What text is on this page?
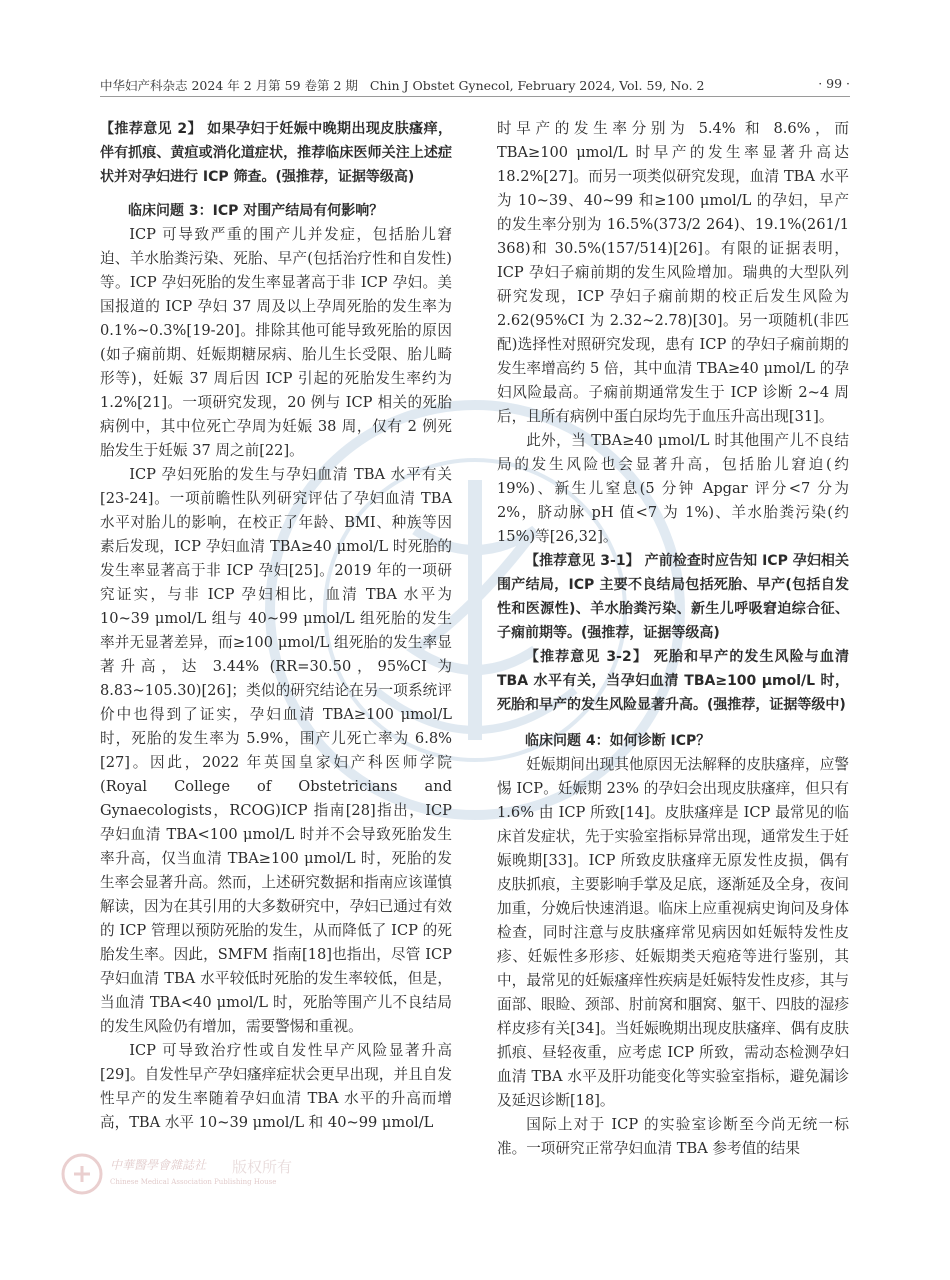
中华妇产科杂志 2024 年 2 月第 59 卷第 2 期 Chin J Obstet Gynecol, February 2024, Vol. 59, No. 2	· 99 ·

【推荐意见 2】 如果孕妇于妊娠中晚期出现皮肤瘙痒，伴有抓痕、黄疸或消化道症状，推荐临床医师关注上述症状并对孕妇进行 ICP 筛查。(强推荐，证据等级高)

临床问题 3：ICP 对围产结局有何影响？

ICP 可导致严重的围产儿并发症，包括胎儿窘迫、羊水胎粪污染、死胎、早产(包括治疗性和自发性)等。ICP 孕妇死胎的发生率显著高于非 ICP 孕妇。美国报道的 ICP 孕妇 37 周及以上孕周死胎的发生率为 0.1%~0.3%[19-20]。排除其他可能导致死胎的原因(如子痫前期、妊娠期糖尿病、胎儿生长受限、胎儿畸形等)，妊娠 37 周后因 ICP 引起的死胎发生率约为 1.2%[21]。一项研究发现，20 例与 ICP 相关的死胎病例中，其中位死亡孕周为妊娠 38 周，仅有 2 例死胎发生于妊娠 37 周之前[22]。

ICP 孕妇死胎的发生与孕妇血清 TBA 水平有关[23-24]。一项前瞻性队列研究评估了孕妇血清 TBA 水平对胎儿的影响，在校正了年龄、BMI、种族等因素后发现，ICP 孕妇血清 TBA≥40 μmol/L 时死胎的发生率显著高于非 ICP 孕妇[25]。2019 年的一项研究证实，与非 ICP 孕妇相比，血清 TBA 水平为 10~39 μmol/L 组与 40~99 μmol/L 组死胎的发生率并无显著差异，而≥100 μmol/L 组死胎的发生率显著升高，达 3.44% (RR=30.50，95%CI 为 8.83~105.30)[26]；类似的研究结论在另一项系统评价中也得到了证实，孕妇血清 TBA≥100 μmol/L 时，死胎的发生率为 5.9%，围产儿死亡率为 6.8%[27]。因此，2022 年英国皇家妇产科医师学院(Royal College of Obstetricians and Gynaecologists，RCOG)ICP 指南[28]指出，ICP 孕妇血清 TBA<100 μmol/L 时并不会导致死胎发生率升高，仅当血清 TBA≥100 μmol/L 时，死胎的发生率会显著升高。然而，上述研究数据和指南应该谨慎解读，因为在其引用的大多数研究中，孕妇已通过有效的 ICP 管理以预防死胎的发生，从而降低了 ICP 的死胎发生率。因此，SMFM 指南[18]也指出，尽管 ICP 孕妇血清 TBA 水平较低时死胎的发生率较低，但是，当血清 TBA<40 μmol/L 时，死胎等围产儿不良结局的发生风险仍有增加，需要警惕和重视。

ICP 可导致治疗性或自发性早产风险显著升高[29]。自发性早产孕妇瘙痒症状会更早出现，并且自发性早产的发生率随着孕妇血清 TBA 水平的升高而增高，TBA 水平 10~39 μmol/L 和 40~99 μmol/L

时早产的发生率分别为 5.4% 和 8.6%，而 TBA≥100 μmol/L 时早产的发生率显著升高达 18.2%[27]。而另一项类似研究发现，血清 TBA 水平为 10~39、40~99 和≥100 μmol/L 的孕妇，早产的发生率分别为 16.5%(373/2 264)、19.1%(261/1 368)和 30.5%(157/514)[26]。有限的证据表明，ICP 孕妇子痫前期的发生风险增加。瑞典的大型队列研究发现，ICP 孕妇子痫前期的校正后发生风险为 2.62(95%CI 为 2.32~2.78)[30]。另一项随机(非匹配)选择性对照研究发现，患有 ICP 的孕妇子痫前期的发生率增高约 5 倍，其中血清 TBA≥40 μmol/L 的孕妇风险最高。子痫前期通常发生于 ICP 诊断 2~4 周后，且所有病例中蛋白尿均先于血压升高出现[31]。

此外，当 TBA≥40 μmol/L 时其他围产儿不良结局的发生风险也会显著升高，包括胎儿窘迫(约 19%)、新生儿窒息(5 分钟 Apgar 评分<7 分为 2%，脐动脉 pH 值<7 为 1%)、羊水胎粪污染(约 15%)等[26,32]。

【推荐意见 3-1】 产前检查时应告知 ICP 孕妇相关围产结局，ICP 主要不良结局包括死胎、早产(包括自发性和医源性)、羊水胎粪污染、新生儿呼吸窘迫综合征、子痫前期等。(强推荐，证据等级高)

【推荐意见 3-2】 死胎和早产的发生风险与血清 TBA 水平有关，当孕妇血清 TBA≥100 μmol/L 时，死胎和早产的发生风险显著升高。(强推荐，证据等级中)

临床问题 4：如何诊断 ICP？

妊娠期间出现其他原因无法解释的皮肤瘙痒，应警惕 ICP。妊娠期 23% 的孕妇会出现皮肤瘙痒，但只有 1.6% 由 ICP 所致[14]。皮肤瘙痒是 ICP 最常见的临床首发症状，先于实验室指标异常出现，通常发生于妊娠晚期[33]。ICP 所致皮肤瘙痒无原发性皮损，偶有皮肤抓痕，主要影响手掌及足底，逐渐延及全身，夜间加重，分娩后快速消退。临床上应重视病史询问及身体检查，同时注意与皮肤瘙痒常见病因如妊娠特发性皮疹、妊娠性多形疹、妊娠期类天疱疮等进行鉴别，其中，最常见的妊娠瘙痒性疾病是妊娠特发性皮疹，其与面部、眼睑、颈部、肘前窝和腘窝、躯干、四肢的湿疹样皮疹有关[34]。当妊娠晚期出现皮肤瘙痒、偶有皮肤抓痕、昼轻夜重，应考虑 ICP 所致，需动态检测孕妇血清 TBA 水平及肝功能变化等实验室指标，避免漏诊及延迟诊断[18]。

国际上对于 ICP 的实验室诊断至今尚无统一标准。一项研究正常孕妇血清 TBA 参考值的结果

中華醫學會雜誌社
Chinese Medical Association Publishing House
版权所有
